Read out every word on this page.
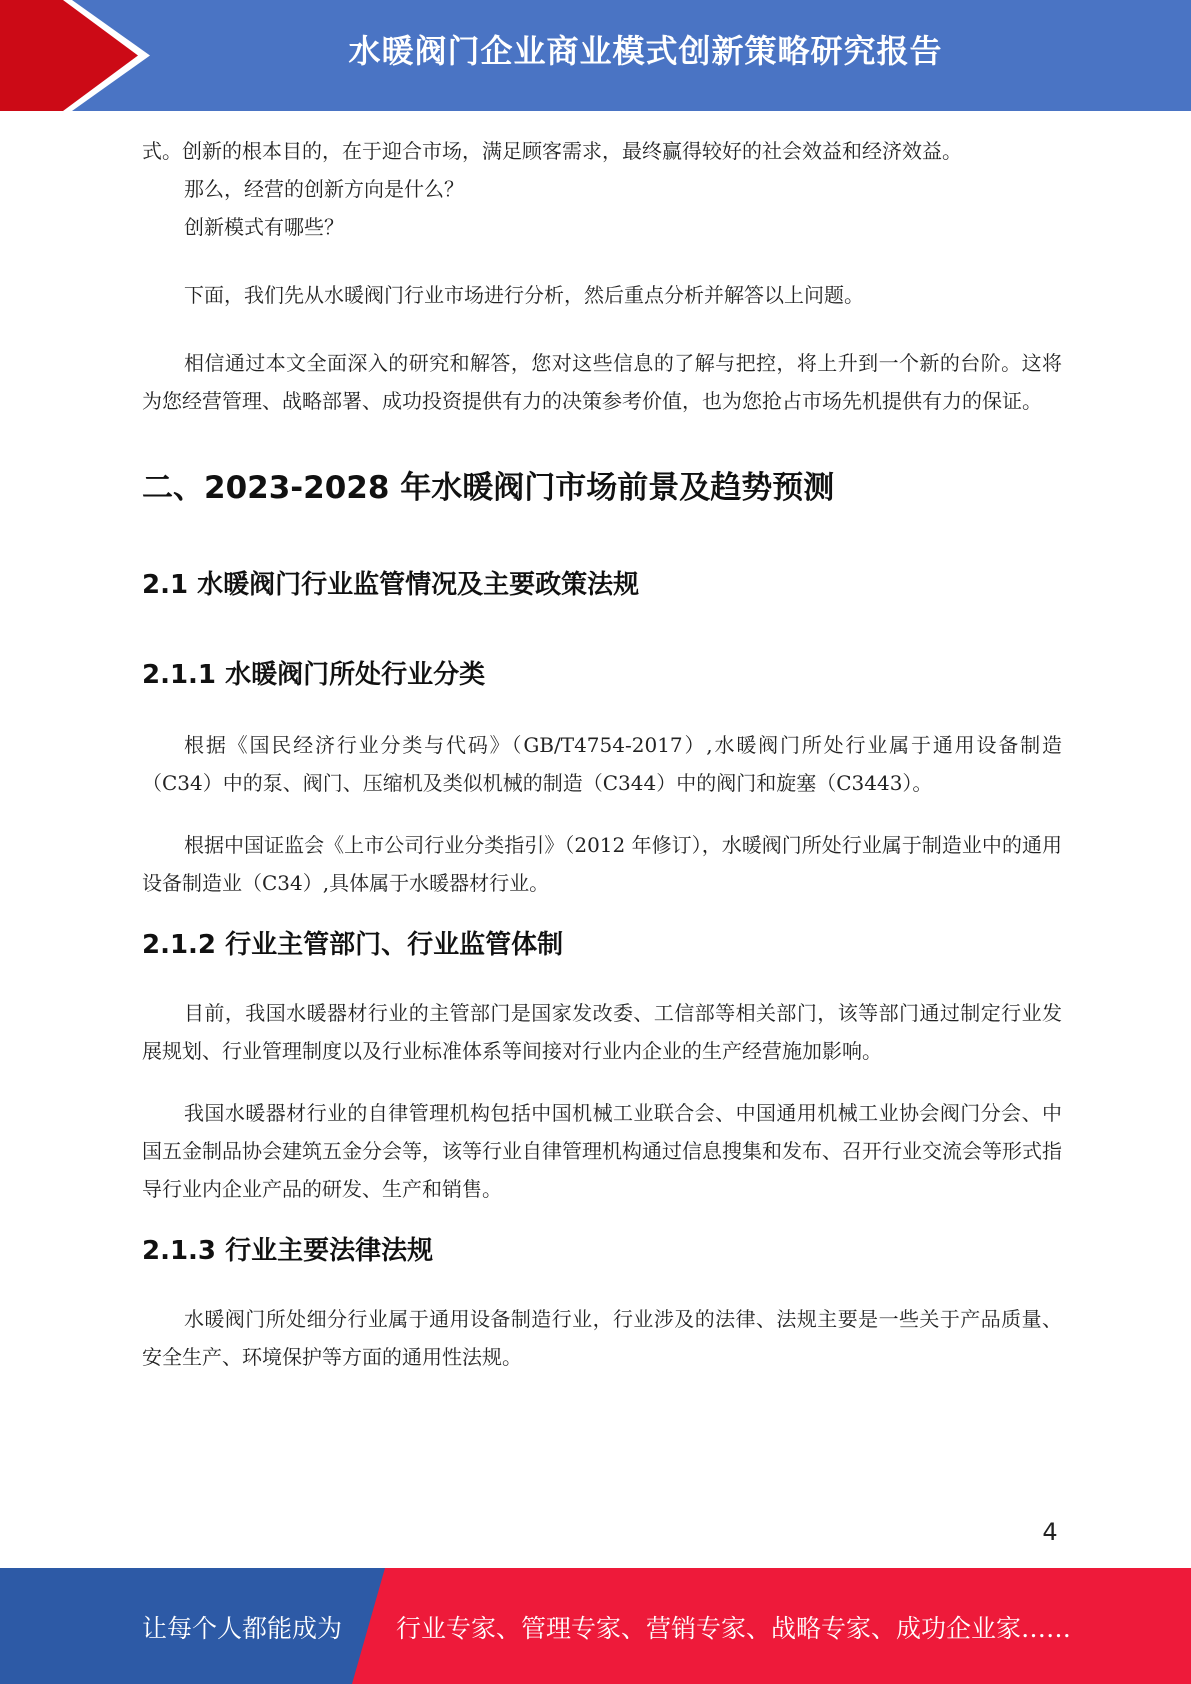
水暖阀门企业商业模式创新策略研究报告

式。创新的根本目的，在于迎合市场，满足顾客需求，最终赢得较好的社会效益和经济效益。

那么，经营的创新方向是什么？

创新模式有哪些？

下面，我们先从水暖阀门行业市场进行分析，然后重点分析并解答以上问题。

相信通过本文全面深入的研究和解答，您对这些信息的了解与把控，将上升到一个新的台阶。这将为您经营管理、战略部署、成功投资提供有力的决策参考价值，也为您抢占市场先机提供有力的保证。

二、2023-2028 年水暖阀门市场前景及趋势预测
2.1 水暖阀门行业监管情况及主要政策法规
2.1.1 水暖阀门所处行业分类

根据《国民经济行业分类与代码》（GB/T4754-2017）,水暖阀门所处行业属于通用设备制造（C34）中的泵、阀门、压缩机及类似机械的制造（C344）中的阀门和旋塞（C3443）。

根据中国证监会《上市公司行业分类指引》（2012 年修订），水暖阀门所处行业属于制造业中的通用设备制造业（C34）,具体属于水暖器材行业。

2.1.2 行业主管部门、行业监管体制

目前，我国水暖器材行业的主管部门是国家发改委、工信部等相关部门，该等部门通过制定行业发展规划、行业管理制度以及行业标准体系等间接对行业内企业的生产经营施加影响。

我国水暖器材行业的自律管理机构包括中国机械工业联合会、中国通用机械工业协会阀门分会、中国五金制品协会建筑五金分会等，该等行业自律管理机构通过信息搜集和发布、召开行业交流会等形式指导行业内企业产品的研发、生产和销售。

2.1.3 行业主要法律法规

水暖阀门所处细分行业属于通用设备制造行业，行业涉及的法律、法规主要是一些关于产品质量、安全生产、环境保护等方面的通用性法规。

4
让每个人都能成为 行业专家、管理专家、营销专家、战略专家、成功企业家……
